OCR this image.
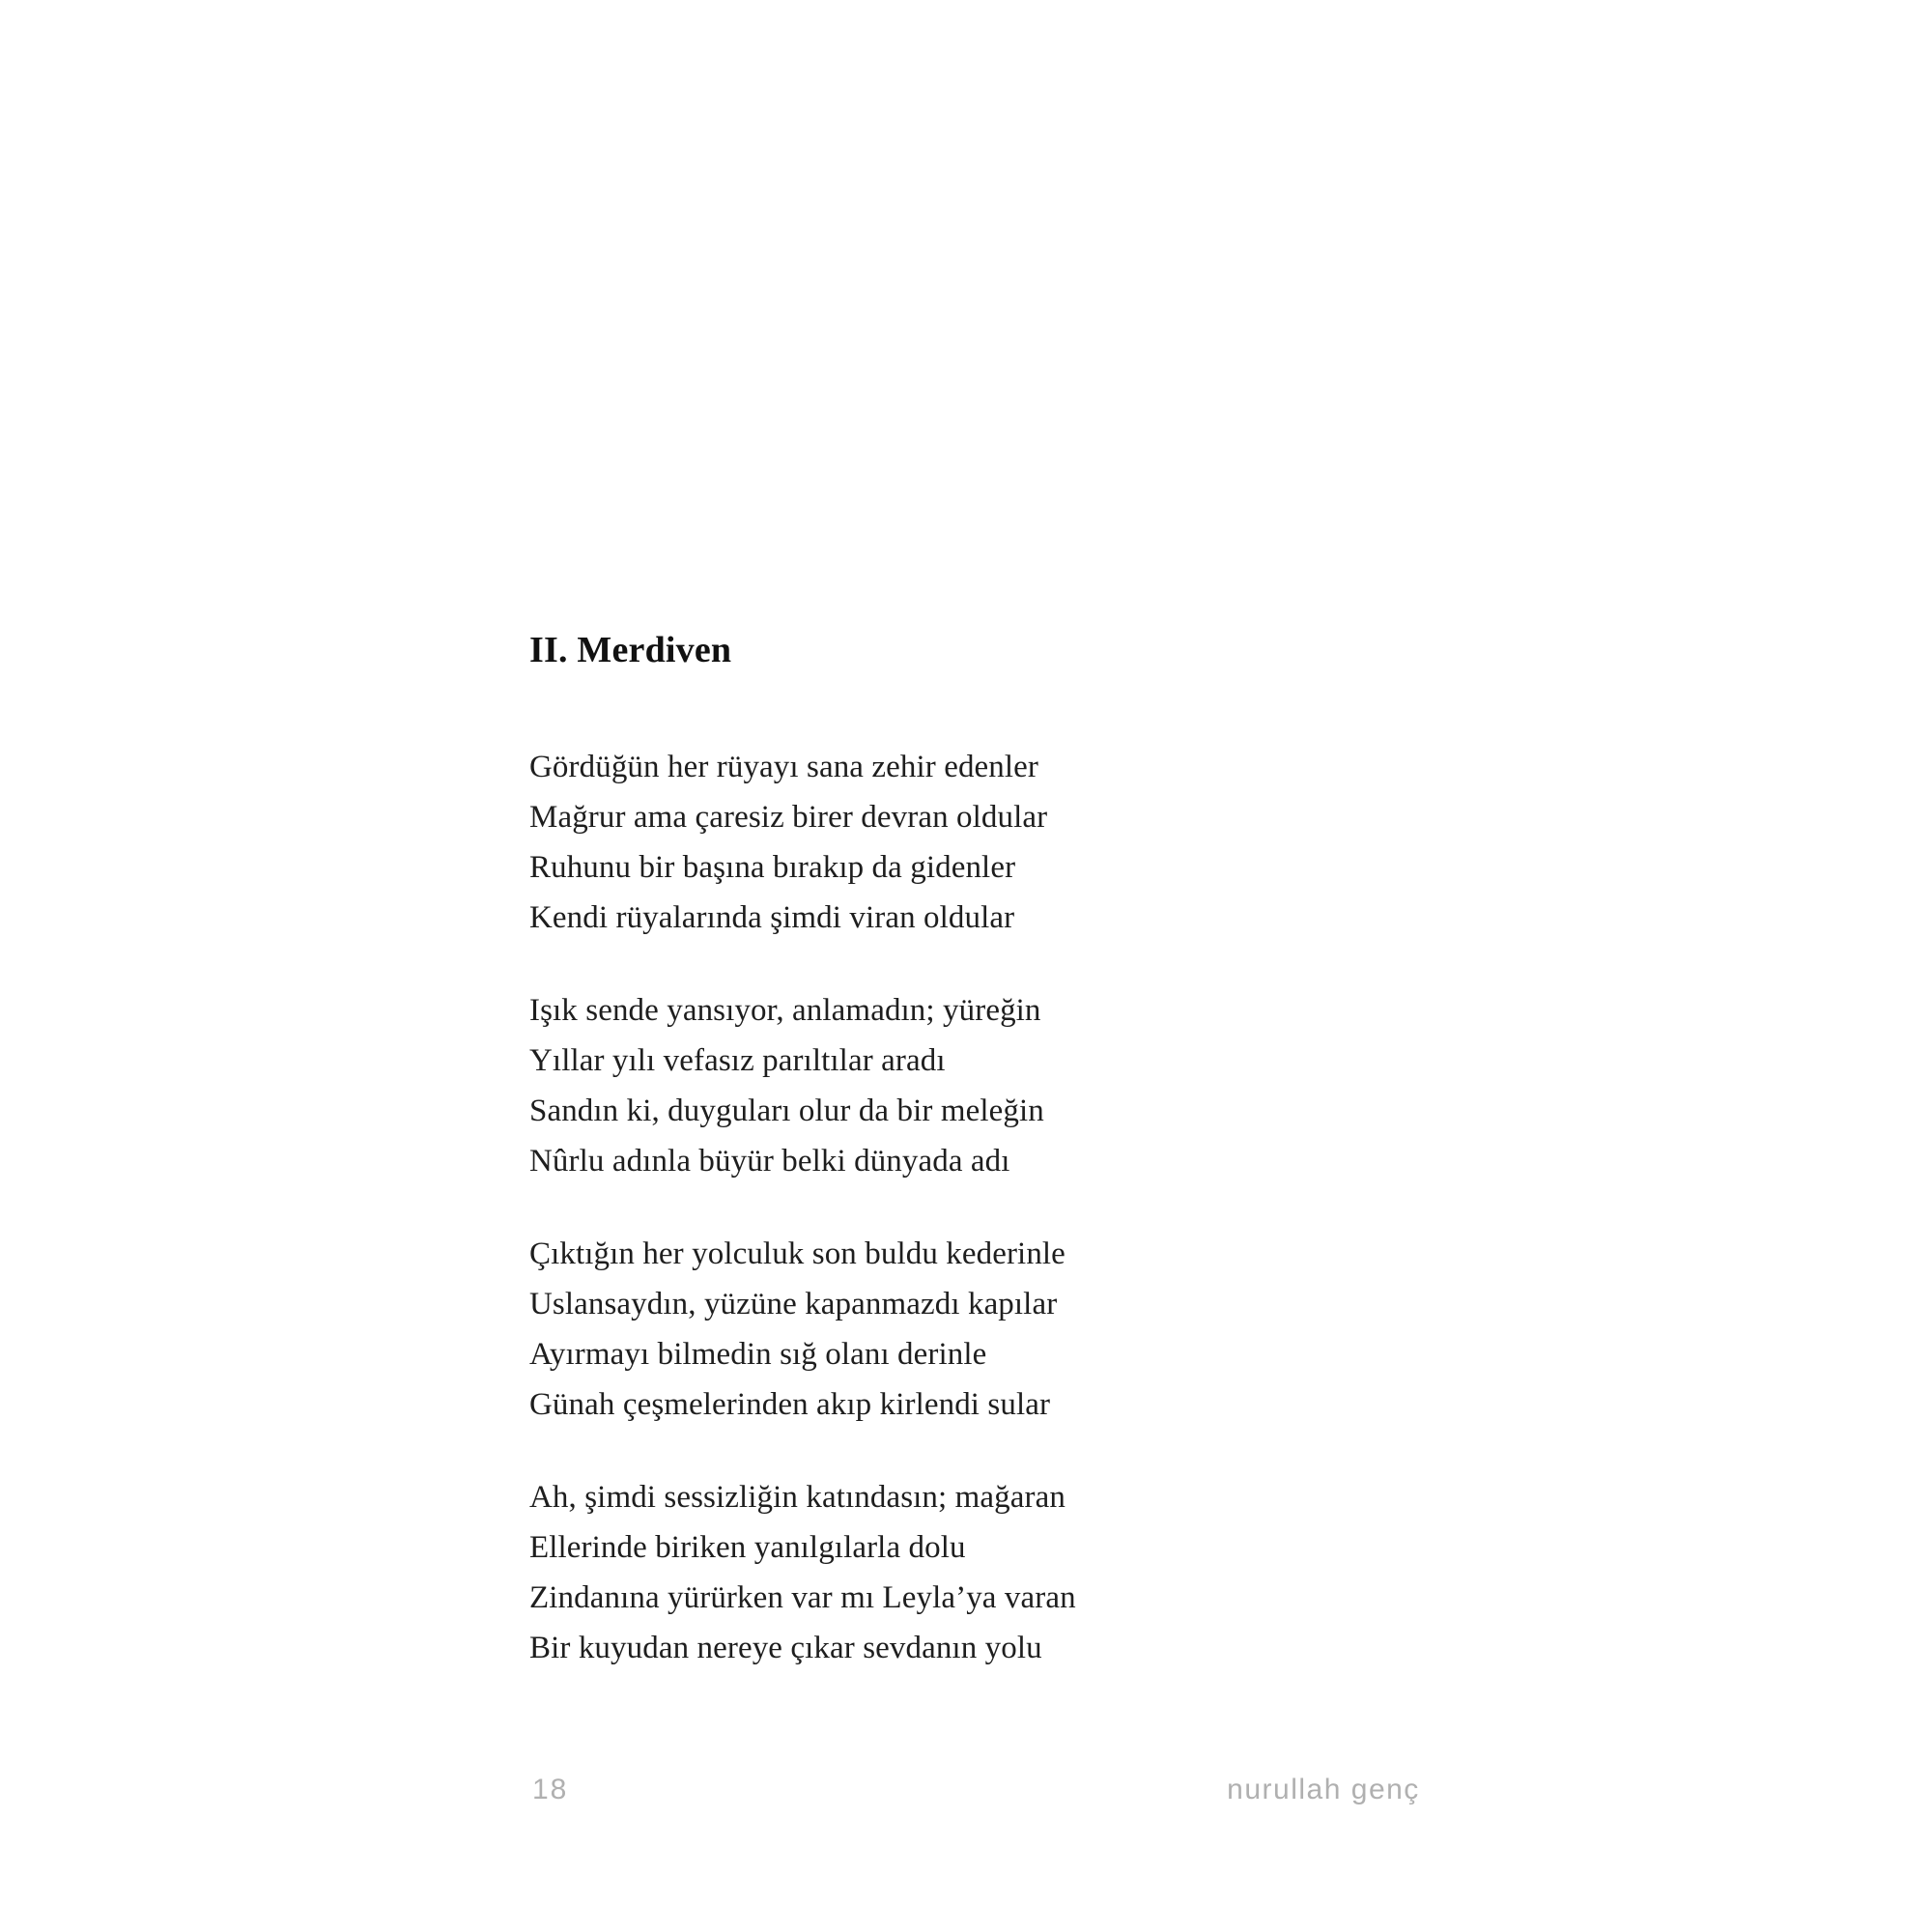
II. Merdiven
Gördüğün her rüyayı sana zehir edenler
Mağrur ama çaresiz birer devran oldular
Ruhunu bir başına bırakıp da gidenler
Kendi rüyalarında şimdi viran oldular
Işık sende yansıyor, anlamadın; yüreğin
Yıllar yılı vefasız parıltılar aradı
Sandın ki, duyguları olur da bir meleğin
Nûrlu adınla büyür belki dünyada adı
Çıktığın her yolculuk son buldu kederinle
Uslansaydın, yüzüne kapanmazdı kapılar
Ayırmayı bilmedin sığ olanı derinle
Günah çeşmelerinden akıp kirlendi sular
Ah, şimdi sessizliğin katındasın; mağaran
Ellerinde biriken yanılgılarla dolu
Zindanına yürürken var mı Leyla’ya varan
Bir kuyudan nereye çıkar sevdanın yolu
18	nurullah genç
